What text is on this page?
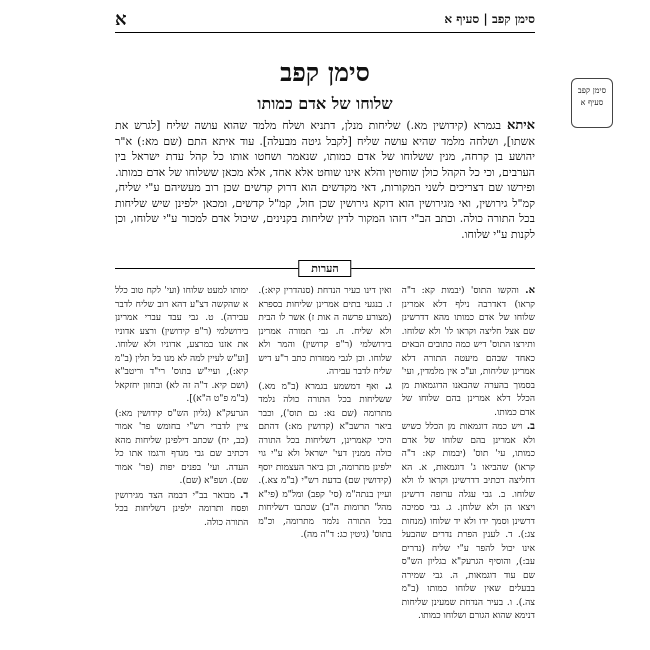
סימן קפב | סעיף א
א
סימן קפב
סעיף א
סימן קפב
שלוחו של אדם כמותו
איתא בגמרא (קידושין מא.) שליחות מנלן, דתניא ושלח מלמד שהוא עושה שליח [לגרש את אשתו], ושלחה מלמד שהיא עושה שליח [לקבל גיטה מבעלה]. עוד איתא התם (שם מא:) א"ר יהושע בן קרחה, מנין ששלוחו של אדם כמותו, שנאמר ושחטו אותו כל קהל עדת ישראל בין הערבים, וכי כל הקהל כולן שוחטין והלא אינו שוחט אלא אחד, אלא מכאן ששלוחו של אדם כמותו. ופירשו שם דצריכים לשני המקורות, דאי מקדשים הוא דרוק קדשים שכן רוב מעשיהם ע"י שליח, קמ"ל גירושין, ואי מגירושין הוא דוקא גירושין שכן חול, קמ"ל קדשים, ומכאן ילפינן שיש שליחות בכל התורה כולה. וכתב הב"י דזהו המקור לדין שליחות בקנינים, שיכול אדם למכור ע"י שלוחו, וכן לקנות ע"י שלוחו.
הערות

א. והקשו התוס' (יבמות קא: ד"ה קראו) דאדרבה נילף דלא אמרינן שלוחו של אדם כמותו מהא דדרשינן שם אצל חליצה וקראו לו' ולא שלוחו. ותירצו התוס' דיש כמה כתובים הבאים כאחד שבהם מיעטה התורה דלא אמרינן שליחות, וע"כ אין מלמדין, ועי' בסמוך בהערה שהבאנו הדוגמאות מן הכלל דלא אמרינן בהם שלוחו של אדם כמותו.

ב. ויש כמה דוגמאות מן הכלל כשיש ולא אמרינן בהם שלוחו של אדם כמותו, עי' תוס' (יבמות קא: ד"ה קראו) שהביאו ג' דוגמאות, א. הא דחליצה דכתיב דדרשינן וקראו לו ולא שלוחו. ב. גבי עגלה ערופה דרשינן ויצאו הן ולא שלוחן. ג. גבי סמיכה דרשינן וסמך ידו ולא יד שלוחו (מנחות צג:). ד. לענין הפרת נדרים שהבעל אינו יכול להפר ע"י שליח (נדרים עב:), והוסיף הגרעק"א בגליון הש"ס שם עוד דוגמאות, ה. גבי שמירה בבעלים שאין שלוחו כמותו (ב"מ צה.). ו. בעיר הנדחת שמעינן שליחות דנימא שהוא הגורם ושלוחו כמותו.

ואין דינו כעיר הנדחת (סנהדרין קיא:). ז. בנגעי בתים אמרינן שליחות בספרא (מצורע פרשה ה אות ז) אשר לו הבית ולא שליח. ח. גבי תמורה אמרינן בירושלמי (ר"פ קדושין) והמר ולא שלוחו. וכן לגבי ממזרות כתב ר"ע דיש שליח לדבר עבירה.

ג. ואף דמשמע בגמרא (ב"מ מא.) ששליחות בכל התורה כולה נלמד מתרומה (שם נא: גם תוס'), וכבר ביאר הרשב"א (קדושין מא:) דהתם היכי קאמרינן, דשליחות בכל התורה כולה ממנין דעי' ישראל ולא ע"י גוי ילפינן מתרומה, וכן ביאר העצמות יוסף (קידושין שם) בדעת רש"י (ב"מ צא.). ועיין בנתה"מ (סי' קפב) ומל"מ (פי"א מהל' תרומות ה"ב) שכתבו דשליחות בכל התורה נלמד מתרומה, וכ"מ בתוס' (גיטין כג: ד"ה מה).

ימותו למעט שלוחו (ועי' לקח טוב כלל א שהקשה דצ"ע דהא רוב שליח לדבר עבירה). ט. גבי עבד עברי אמרינן בירושלמי (ר"פ קידושין) ורצע אדוניו את אזנו במרצע, אדוניו ולא שלוחו. [וע"ש לעיין למה לא מנו בל תלין (ב"מ קיא:), ועיי"ש בתוס' רי"ד וריטב"א (ושם קיא. ד"ה זה לא) ובחזון יחזקאל (ב"מ פ"ט ה"א)].

הגרעק"א (גליון הש"ס קידושין מא:) ציין לדברי רש"י בחומש פר' אמור (כב, יח) שכתב דילפינן שליחות מהא דכתיב שם גבי מגדף ורגמו אתו כל העדה. ועי' בפנים יפות (פר' אמור שם). ושפ"א (שם).

ד. מבואר בב"י דבמה הצד מגירושין ופסח ותרומה ילפינן דשליחות בכל התורה כולה.
